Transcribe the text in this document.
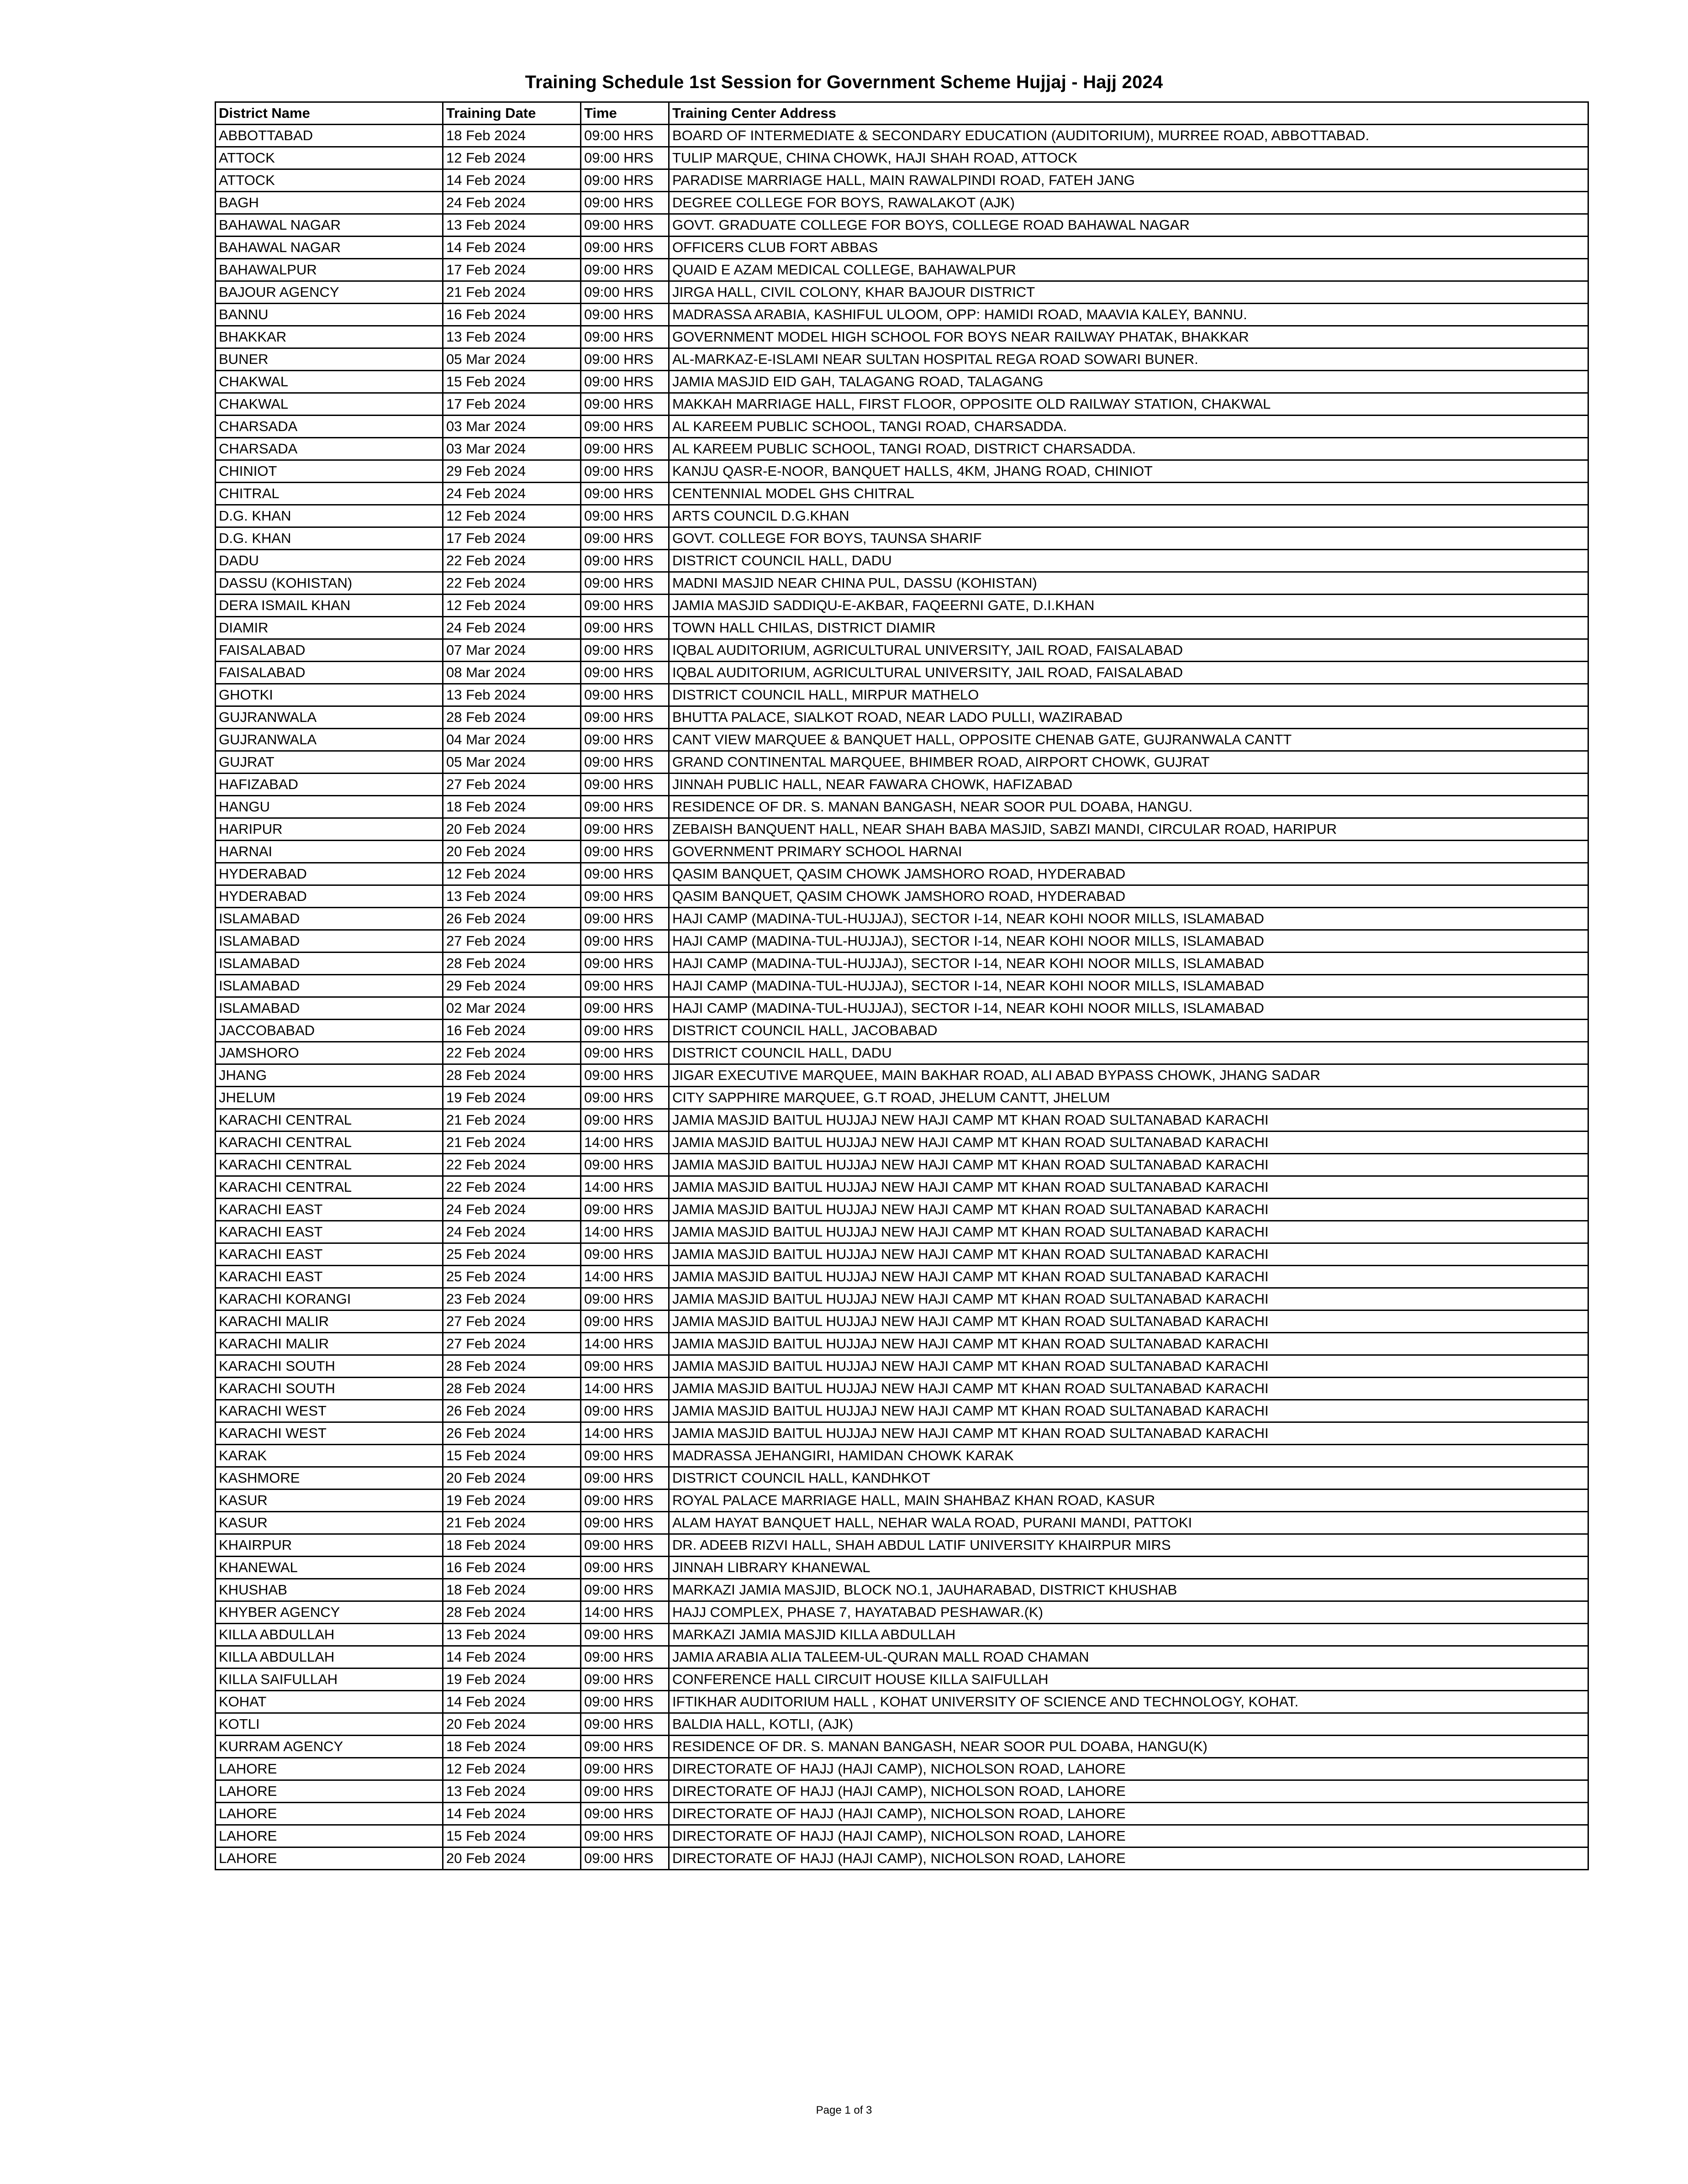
Training Schedule 1st Session for Government Scheme Hujjaj - Hajj 2024
District Name	Training Date	Time	Training Center Address
ABBOTTABAD	18 Feb 2024	09:00 HRS	BOARD OF INTERMEDIATE & SECONDARY EDUCATION (AUDITORIUM), MURREE ROAD, ABBOTTABAD.
ATTOCK	12 Feb 2024	09:00 HRS	TULIP MARQUE, CHINA CHOWK, HAJI SHAH ROAD, ATTOCK
ATTOCK	14 Feb 2024	09:00 HRS	PARADISE MARRIAGE HALL, MAIN RAWALPINDI ROAD, FATEH JANG
BAGH	24 Feb 2024	09:00 HRS	DEGREE COLLEGE FOR BOYS, RAWALAKOT (AJK)
BAHAWAL NAGAR	13 Feb 2024	09:00 HRS	GOVT. GRADUATE COLLEGE FOR BOYS, COLLEGE ROAD BAHAWAL NAGAR
BAHAWAL NAGAR	14 Feb 2024	09:00 HRS	OFFICERS CLUB FORT ABBAS
BAHAWALPUR	17 Feb 2024	09:00 HRS	QUAID E AZAM MEDICAL COLLEGE, BAHAWALPUR
BAJOUR AGENCY	21 Feb 2024	09:00 HRS	JIRGA HALL, CIVIL COLONY, KHAR BAJOUR DISTRICT
BANNU	16 Feb 2024	09:00 HRS	MADRASSA ARABIA, KASHIFUL ULOOM, OPP: HAMIDI ROAD, MAAVIA KALEY, BANNU.
BHAKKAR	13 Feb 2024	09:00 HRS	GOVERNMENT MODEL HIGH SCHOOL FOR BOYS NEAR RAILWAY PHATAK, BHAKKAR
BUNER	05 Mar 2024	09:00 HRS	AL-MARKAZ-E-ISLAMI NEAR SULTAN HOSPITAL REGA ROAD SOWARI BUNER.
CHAKWAL	15 Feb 2024	09:00 HRS	JAMIA MASJID EID GAH, TALAGANG ROAD, TALAGANG
CHAKWAL	17 Feb 2024	09:00 HRS	MAKKAH MARRIAGE HALL, FIRST FLOOR, OPPOSITE OLD RAILWAY STATION, CHAKWAL
CHARSADA	03 Mar 2024	09:00 HRS	AL KAREEM PUBLIC SCHOOL, TANGI ROAD, CHARSADDA.
CHARSADA	03 Mar 2024	09:00 HRS	AL KAREEM PUBLIC SCHOOL, TANGI ROAD, DISTRICT CHARSADDA.
CHINIOT	29 Feb 2024	09:00 HRS	KANJU QASR-E-NOOR, BANQUET HALLS, 4KM, JHANG ROAD, CHINIOT
CHITRAL	24 Feb 2024	09:00 HRS	CENTENNIAL MODEL GHS CHITRAL
D.G. KHAN	12 Feb 2024	09:00 HRS	ARTS COUNCIL D.G.KHAN
D.G. KHAN	17 Feb 2024	09:00 HRS	GOVT. COLLEGE FOR BOYS, TAUNSA SHARIF
DADU	22 Feb 2024	09:00 HRS	DISTRICT COUNCIL HALL, DADU
DASSU (KOHISTAN)	22 Feb 2024	09:00 HRS	MADNI MASJID NEAR CHINA PUL, DASSU (KOHISTAN)
DERA ISMAIL KHAN	12 Feb 2024	09:00 HRS	JAMIA MASJID SADDIQU-E-AKBAR, FAQEERNI GATE, D.I.KHAN
DIAMIR	24 Feb 2024	09:00 HRS	TOWN HALL CHILAS, DISTRICT DIAMIR
FAISALABAD	07 Mar 2024	09:00 HRS	IQBAL AUDITORIUM, AGRICULTURAL UNIVERSITY, JAIL ROAD, FAISALABAD
FAISALABAD	08 Mar 2024	09:00 HRS	IQBAL AUDITORIUM, AGRICULTURAL UNIVERSITY, JAIL ROAD, FAISALABAD
GHOTKI	13 Feb 2024	09:00 HRS	DISTRICT COUNCIL HALL, MIRPUR MATHELO
GUJRANWALA	28 Feb 2024	09:00 HRS	BHUTTA PALACE, SIALKOT ROAD, NEAR LADO PULLI, WAZIRABAD
GUJRANWALA	04 Mar 2024	09:00 HRS	CANT VIEW MARQUEE & BANQUET HALL, OPPOSITE CHENAB GATE, GUJRANWALA CANTT
GUJRAT	05 Mar 2024	09:00 HRS	GRAND CONTINENTAL MARQUEE, BHIMBER ROAD, AIRPORT CHOWK, GUJRAT
HAFIZABAD	27 Feb 2024	09:00 HRS	JINNAH PUBLIC HALL, NEAR FAWARA CHOWK, HAFIZABAD
HANGU	18 Feb 2024	09:00 HRS	RESIDENCE OF DR. S. MANAN BANGASH, NEAR SOOR PUL DOABA, HANGU.
HARIPUR	20 Feb 2024	09:00 HRS	ZEBAISH BANQUENT HALL, NEAR SHAH BABA MASJID, SABZI MANDI, CIRCULAR ROAD, HARIPUR
HARNAI	20 Feb 2024	09:00 HRS	GOVERNMENT PRIMARY SCHOOL HARNAI
HYDERABAD	12 Feb 2024	09:00 HRS	QASIM BANQUET, QASIM CHOWK JAMSHORO ROAD, HYDERABAD
HYDERABAD	13 Feb 2024	09:00 HRS	QASIM BANQUET, QASIM CHOWK JAMSHORO ROAD, HYDERABAD
ISLAMABAD	26 Feb 2024	09:00 HRS	HAJI CAMP (MADINA-TUL-HUJJAJ), SECTOR I-14, NEAR KOHI NOOR MILLS, ISLAMABAD
ISLAMABAD	27 Feb 2024	09:00 HRS	HAJI CAMP (MADINA-TUL-HUJJAJ), SECTOR I-14, NEAR KOHI NOOR MILLS, ISLAMABAD
ISLAMABAD	28 Feb 2024	09:00 HRS	HAJI CAMP (MADINA-TUL-HUJJAJ), SECTOR I-14, NEAR KOHI NOOR MILLS, ISLAMABAD
ISLAMABAD	29 Feb 2024	09:00 HRS	HAJI CAMP (MADINA-TUL-HUJJAJ), SECTOR I-14, NEAR KOHI NOOR MILLS, ISLAMABAD
ISLAMABAD	02 Mar 2024	09:00 HRS	HAJI CAMP (MADINA-TUL-HUJJAJ), SECTOR I-14, NEAR KOHI NOOR MILLS, ISLAMABAD
JACCOBABAD	16 Feb 2024	09:00 HRS	DISTRICT COUNCIL HALL, JACOBABAD
JAMSHORO	22 Feb 2024	09:00 HRS	DISTRICT COUNCIL HALL, DADU
JHANG	28 Feb 2024	09:00 HRS	JIGAR EXECUTIVE MARQUEE, MAIN BAKHAR ROAD, ALI ABAD BYPASS CHOWK, JHANG SADAR
JHELUM	19 Feb 2024	09:00 HRS	CITY SAPPHIRE MARQUEE, G.T ROAD, JHELUM CANTT, JHELUM
KARACHI CENTRAL	21 Feb 2024	09:00 HRS	JAMIA MASJID BAITUL HUJJAJ NEW HAJI CAMP MT KHAN ROAD SULTANABAD KARACHI
KARACHI CENTRAL	21 Feb 2024	14:00 HRS	JAMIA MASJID BAITUL HUJJAJ NEW HAJI CAMP MT KHAN ROAD SULTANABAD KARACHI
KARACHI CENTRAL	22 Feb 2024	09:00 HRS	JAMIA MASJID BAITUL HUJJAJ NEW HAJI CAMP MT KHAN ROAD SULTANABAD KARACHI
KARACHI CENTRAL	22 Feb 2024	14:00 HRS	JAMIA MASJID BAITUL HUJJAJ NEW HAJI CAMP MT KHAN ROAD SULTANABAD KARACHI
KARACHI EAST	24 Feb 2024	09:00 HRS	JAMIA MASJID BAITUL HUJJAJ NEW HAJI CAMP MT KHAN ROAD SULTANABAD KARACHI
KARACHI EAST	24 Feb 2024	14:00 HRS	JAMIA MASJID BAITUL HUJJAJ NEW HAJI CAMP MT KHAN ROAD SULTANABAD KARACHI
KARACHI EAST	25 Feb 2024	09:00 HRS	JAMIA MASJID BAITUL HUJJAJ NEW HAJI CAMP MT KHAN ROAD SULTANABAD KARACHI
KARACHI EAST	25 Feb 2024	14:00 HRS	JAMIA MASJID BAITUL HUJJAJ NEW HAJI CAMP MT KHAN ROAD SULTANABAD KARACHI
KARACHI KORANGI	23 Feb 2024	09:00 HRS	JAMIA MASJID BAITUL HUJJAJ NEW HAJI CAMP MT KHAN ROAD SULTANABAD KARACHI
KARACHI MALIR	27 Feb 2024	09:00 HRS	JAMIA MASJID BAITUL HUJJAJ NEW HAJI CAMP MT KHAN ROAD SULTANABAD KARACHI
KARACHI MALIR	27 Feb 2024	14:00 HRS	JAMIA MASJID BAITUL HUJJAJ NEW HAJI CAMP MT KHAN ROAD SULTANABAD KARACHI
KARACHI SOUTH	28 Feb 2024	09:00 HRS	JAMIA MASJID BAITUL HUJJAJ NEW HAJI CAMP MT KHAN ROAD SULTANABAD KARACHI
KARACHI SOUTH	28 Feb 2024	14:00 HRS	JAMIA MASJID BAITUL HUJJAJ NEW HAJI CAMP MT KHAN ROAD SULTANABAD KARACHI
KARACHI WEST	26 Feb 2024	09:00 HRS	JAMIA MASJID BAITUL HUJJAJ NEW HAJI CAMP MT KHAN ROAD SULTANABAD KARACHI
KARACHI WEST	26 Feb 2024	14:00 HRS	JAMIA MASJID BAITUL HUJJAJ NEW HAJI CAMP MT KHAN ROAD SULTANABAD KARACHI
KARAK	15 Feb 2024	09:00 HRS	MADRASSA JEHANGIRI, HAMIDAN CHOWK KARAK
KASHMORE	20 Feb 2024	09:00 HRS	DISTRICT COUNCIL HALL, KANDHKOT
KASUR	19 Feb 2024	09:00 HRS	ROYAL PALACE MARRIAGE HALL, MAIN SHAHBAZ KHAN ROAD, KASUR
KASUR	21 Feb 2024	09:00 HRS	ALAM HAYAT BANQUET HALL, NEHAR WALA ROAD, PURANI MANDI, PATTOKI
KHAIRPUR	18 Feb 2024	09:00 HRS	DR. ADEEB RIZVI HALL, SHAH ABDUL LATIF UNIVERSITY KHAIRPUR MIRS
KHANEWAL	16 Feb 2024	09:00 HRS	JINNAH LIBRARY KHANEWAL
KHUSHAB	18 Feb 2024	09:00 HRS	MARKAZI JAMIA MASJID, BLOCK NO.1, JAUHARABAD, DISTRICT KHUSHAB
KHYBER AGENCY	28 Feb 2024	14:00 HRS	HAJJ COMPLEX, PHASE 7, HAYATABAD PESHAWAR.(K)
KILLA ABDULLAH	13 Feb 2024	09:00 HRS	MARKAZI JAMIA MASJID KILLA ABDULLAH
KILLA ABDULLAH	14 Feb 2024	09:00 HRS	JAMIA ARABIA ALIA TALEEM-UL-QURAN MALL ROAD CHAMAN
KILLA SAIFULLAH	19 Feb 2024	09:00 HRS	CONFERENCE HALL CIRCUIT HOUSE KILLA SAIFULLAH
KOHAT	14 Feb 2024	09:00 HRS	IFTIKHAR AUDITORIUM HALL , KOHAT UNIVERSITY OF SCIENCE AND TECHNOLOGY, KOHAT.
KOTLI	20 Feb 2024	09:00 HRS	BALDIA HALL, KOTLI, (AJK)
KURRAM AGENCY	18 Feb 2024	09:00 HRS	RESIDENCE OF DR. S. MANAN BANGASH, NEAR SOOR PUL DOABA, HANGU(K)
LAHORE	12 Feb 2024	09:00 HRS	DIRECTORATE OF HAJJ (HAJI CAMP), NICHOLSON ROAD, LAHORE
LAHORE	13 Feb 2024	09:00 HRS	DIRECTORATE OF HAJJ (HAJI CAMP), NICHOLSON ROAD, LAHORE
LAHORE	14 Feb 2024	09:00 HRS	DIRECTORATE OF HAJJ (HAJI CAMP), NICHOLSON ROAD, LAHORE
LAHORE	15 Feb 2024	09:00 HRS	DIRECTORATE OF HAJJ (HAJI CAMP), NICHOLSON ROAD, LAHORE
LAHORE	20 Feb 2024	09:00 HRS	DIRECTORATE OF HAJJ (HAJI CAMP), NICHOLSON ROAD, LAHORE
Page 1 of 3
